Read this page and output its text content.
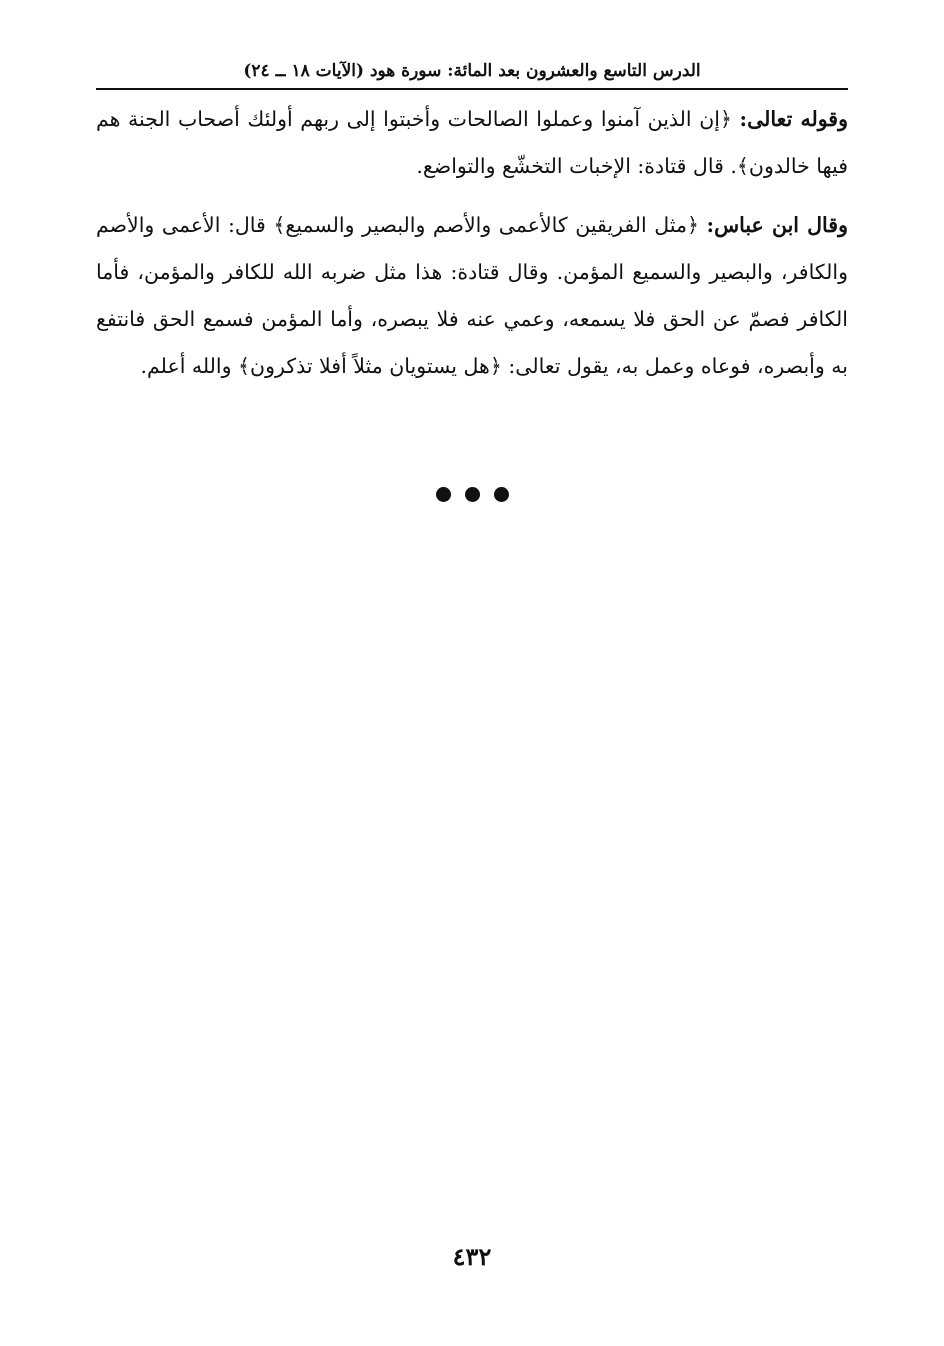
الدرس التاسع والعشرون بعد المائة: سورة هود (الآيات ١٨ ــ ٢٤)

وقوله تعالى: ﴿إن الذين آمنوا وعملوا الصالحات وأخبتوا إلى ربهم أولئك أصحاب الجنة هم فيها خالدون﴾. قال قتادة: الإخبات التخشّع والتواضع.

وقال ابن عباس: ﴿مثل الفريقين كالأعمى والأصم والبصير والسميع﴾ قال: الأعمى والأصم والكافر، والبصير والسميع المؤمن. وقال قتادة: هذا مثل ضربه الله للكافر والمؤمن، فأما الكافر فصمّ عن الحق فلا يسمعه، وعمي عنه فلا يبصره، وأما المؤمن فسمع الحق فانتفع به وأبصره، فوعاه وعمل به، يقول تعالى: ﴿هل يستويان مثلاً أفلا تذكرون﴾ والله أعلم.

٤٣٢
